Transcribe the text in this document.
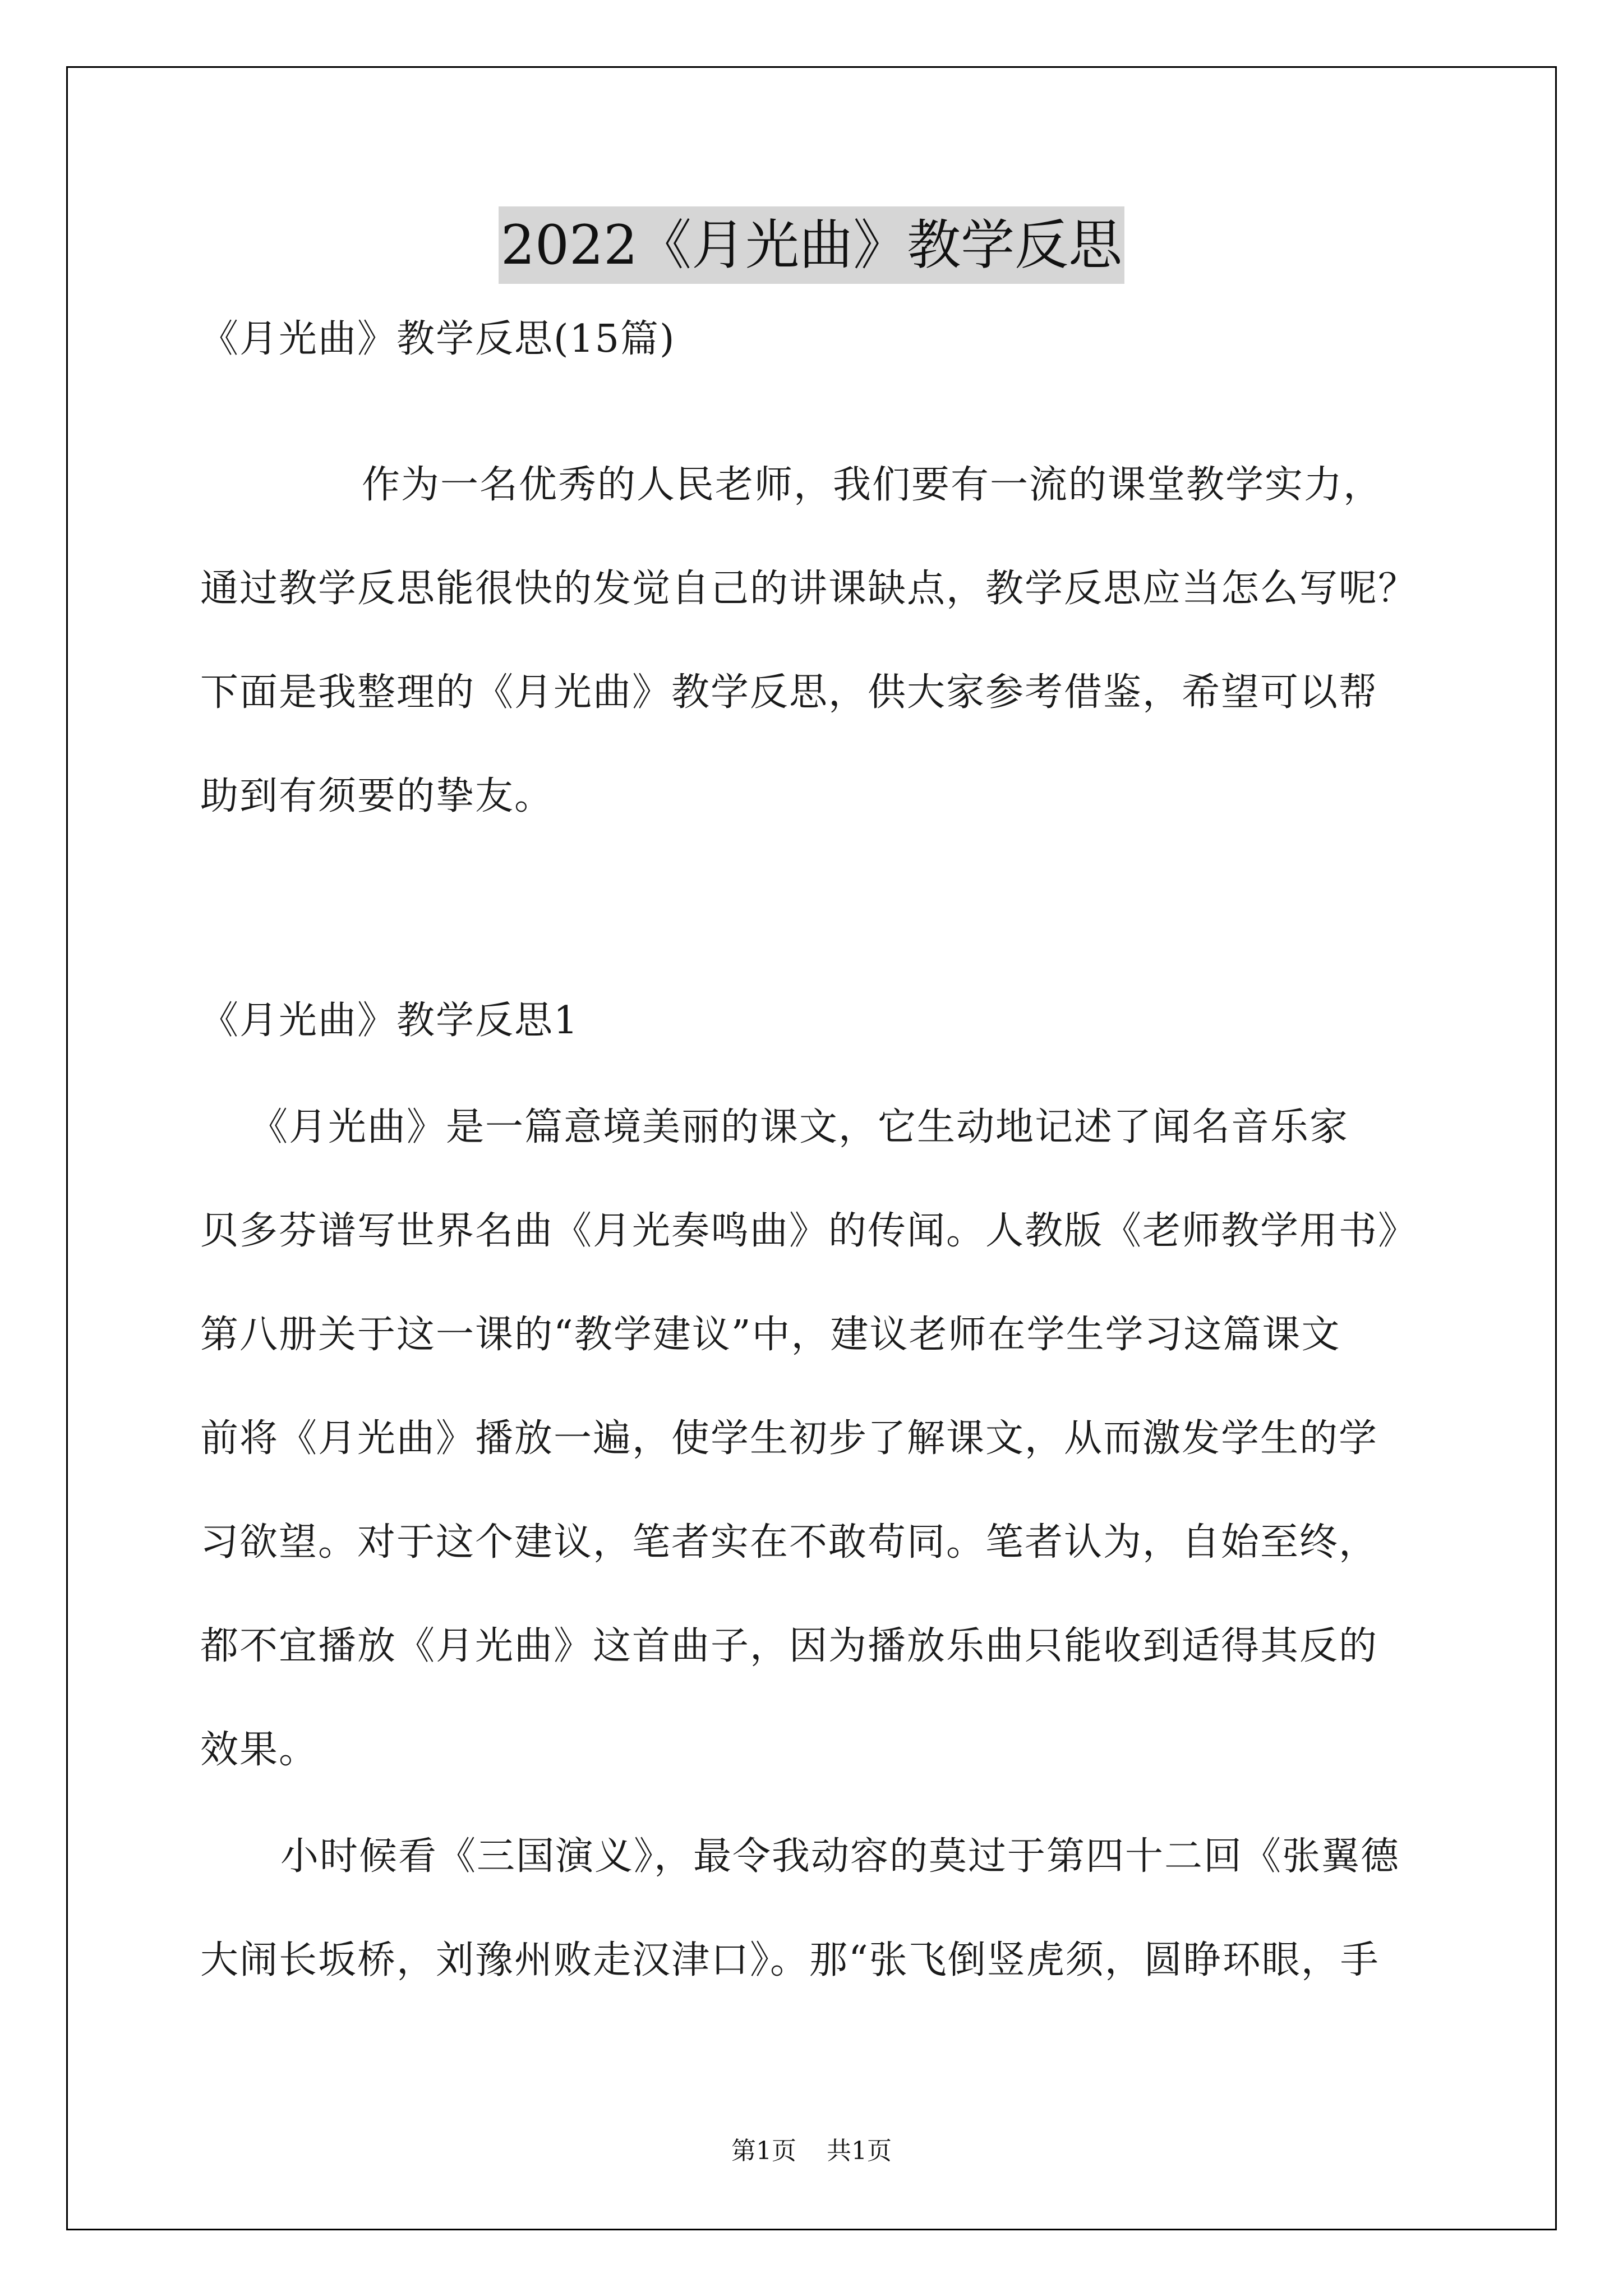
2022《月光曲》教学反思
《月光曲》教学反思(15篇)
作为一名优秀的人民老师，我们要有一流的课堂教学实力，
通过教学反思能很快的发觉自己的讲课缺点，教学反思应当怎么写呢？
下面是我整理的《月光曲》教学反思，供大家参考借鉴，希望可以帮
助到有须要的挚友。
《月光曲》教学反思1
《月光曲》是一篇意境美丽的课文，它生动地记述了闻名音乐家
贝多芬谱写世界名曲《月光奏鸣曲》的传闻。人教版《老师教学用书》
第八册关于这一课的“教学建议”中，建议老师在学生学习这篇课文
前将《月光曲》播放一遍，使学生初步了解课文，从而激发学生的学
习欲望。对于这个建议，笔者实在不敢苟同。笔者认为，自始至终，
都不宜播放《月光曲》这首曲子，因为播放乐曲只能收到适得其反的
效果。
小时候看《三国演义》，最令我动容的莫过于第四十二回《张翼德
大闹长坂桥，刘豫州败走汉津口》。那“张飞倒竖虎须，圆睁环眼，手
第1页 共1页
